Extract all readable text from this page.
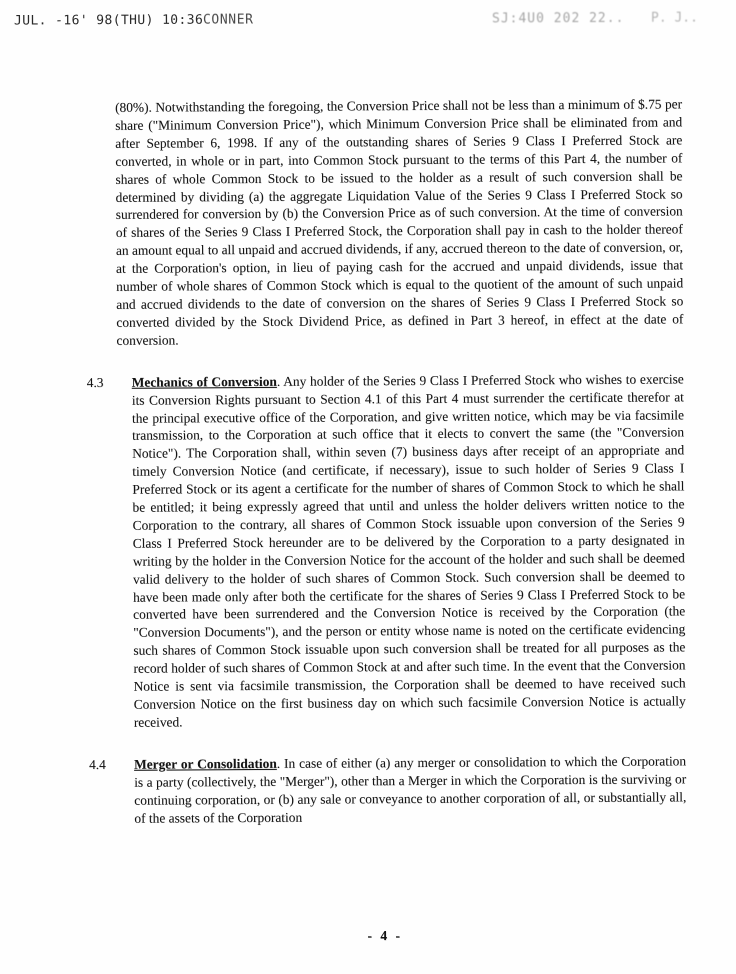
JUL. -16' 98(THU) 10:36 CONNER	SJ:4U0 202 22.. P. J..

(80%). Notwithstanding the foregoing, the Conversion Price shall not be less than a minimum of $.75 per share ("Minimum Conversion Price"), which Minimum Conversion Price shall be eliminated from and after September 6, 1998. If any of the outstanding shares of Series 9 Class I Preferred Stock are converted, in whole or in part, into Common Stock pursuant to the terms of this Part 4, the number of shares of whole Common Stock to be issued to the holder as a result of such conversion shall be determined by dividing (a) the aggregate Liquidation Value of the Series 9 Class I Preferred Stock so surrendered for conversion by (b) the Conversion Price as of such conversion. At the time of conversion of shares of the Series 9 Class I Preferred Stock, the Corporation shall pay in cash to the holder thereof an amount equal to all unpaid and accrued dividends, if any, accrued thereon to the date of conversion, or, at the Corporation's option, in lieu of paying cash for the accrued and unpaid dividends, issue that number of whole shares of Common Stock which is equal to the quotient of the amount of such unpaid and accrued dividends to the date of conversion on the shares of Series 9 Class I Preferred Stock so converted divided by the Stock Dividend Price, as defined in Part 3 hereof, in effect at the date of conversion.

4.3	Mechanics of Conversion. Any holder of the Series 9 Class I Preferred Stock who wishes to exercise its Conversion Rights pursuant to Section 4.1 of this Part 4 must surrender the certificate therefor at the principal executive office of the Corporation, and give written notice, which may be via facsimile transmission, to the Corporation at such office that it elects to convert the same (the "Conversion Notice"). The Corporation shall, within seven (7) business days after receipt of an appropriate and timely Conversion Notice (and certificate, if necessary), issue to such holder of Series 9 Class I Preferred Stock or its agent a certificate for the number of shares of Common Stock to which he shall be entitled; it being expressly agreed that until and unless the holder delivers written notice to the Corporation to the contrary, all shares of Common Stock issuable upon conversion of the Series 9 Class I Preferred Stock hereunder are to be delivered by the Corporation to a party designated in writing by the holder in the Conversion Notice for the account of the holder and such shall be deemed valid delivery to the holder of such shares of Common Stock. Such conversion shall be deemed to have been made only after both the certificate for the shares of Series 9 Class I Preferred Stock to be converted have been surrendered and the Conversion Notice is received by the Corporation (the "Conversion Documents"), and the person or entity whose name is noted on the certificate evidencing such shares of Common Stock issuable upon such conversion shall be treated for all purposes as the record holder of such shares of Common Stock at and after such time. In the event that the Conversion Notice is sent via facsimile transmission, the Corporation shall be deemed to have received such Conversion Notice on the first business day on which such facsimile Conversion Notice is actually received.

4.4	Merger or Consolidation. In case of either (a) any merger or consolidation to which the Corporation is a party (collectively, the "Merger"), other than a Merger in which the Corporation is the surviving or continuing corporation, or (b) any sale or conveyance to another corporation of all, or substantially all, of the assets of the Corporation

- 4 -
